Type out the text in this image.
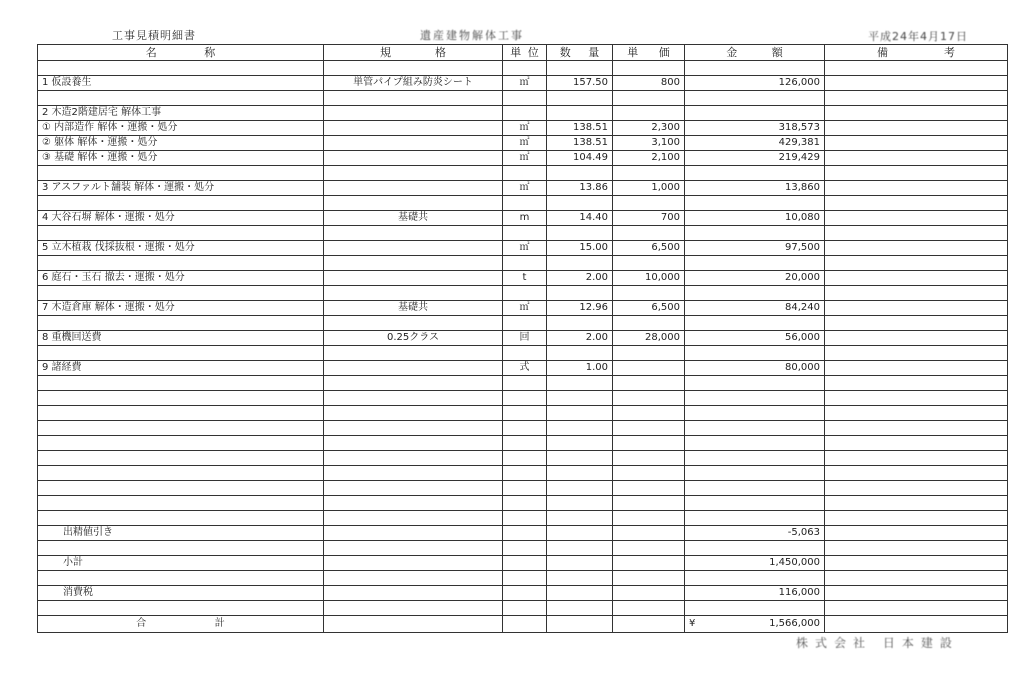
工事見積明細書	遺産建物解体工事	平成24年4月17日
名 称	規 格	単 位	数 量	単 価	金 額	備 考

1 仮設養生	単管パイプ組み防炎シート	㎡	157.50	800	126,000	

2 木造2階建居宅 解体工事						
① 内部造作 解体・運搬・処分		㎡	138.51	2,300	318,573	
② 躯体 解体・運搬・処分		㎡	138.51	3,100	429,381	
③ 基礎 解体・運搬・処分		㎡	104.49	2,100	219,429	

3 アスファルト舗装 解体・運搬・処分		㎡	13.86	1,000	13,860	

4 大谷石塀 解体・運搬・処分	基礎共	m	14.40	700	10,080	

5 立木植栽 伐採抜根・運搬・処分		㎡	15.00	6,500	97,500	

6 庭石・玉石 撤去・運搬・処分		t	2.00	10,000	20,000	

7 木造倉庫 解体・運搬・処分	基礎共	㎡	12.96	6,500	84,240	

8 重機回送費	0.25クラス	回	2.00	28,000	56,000	

9 諸経費		式	1.00		80,000	

出精値引き					-5,063	

小計					1,450,000	

消費税					116,000	

合 計					¥ 1,566,000	

株式会社 日本建設
